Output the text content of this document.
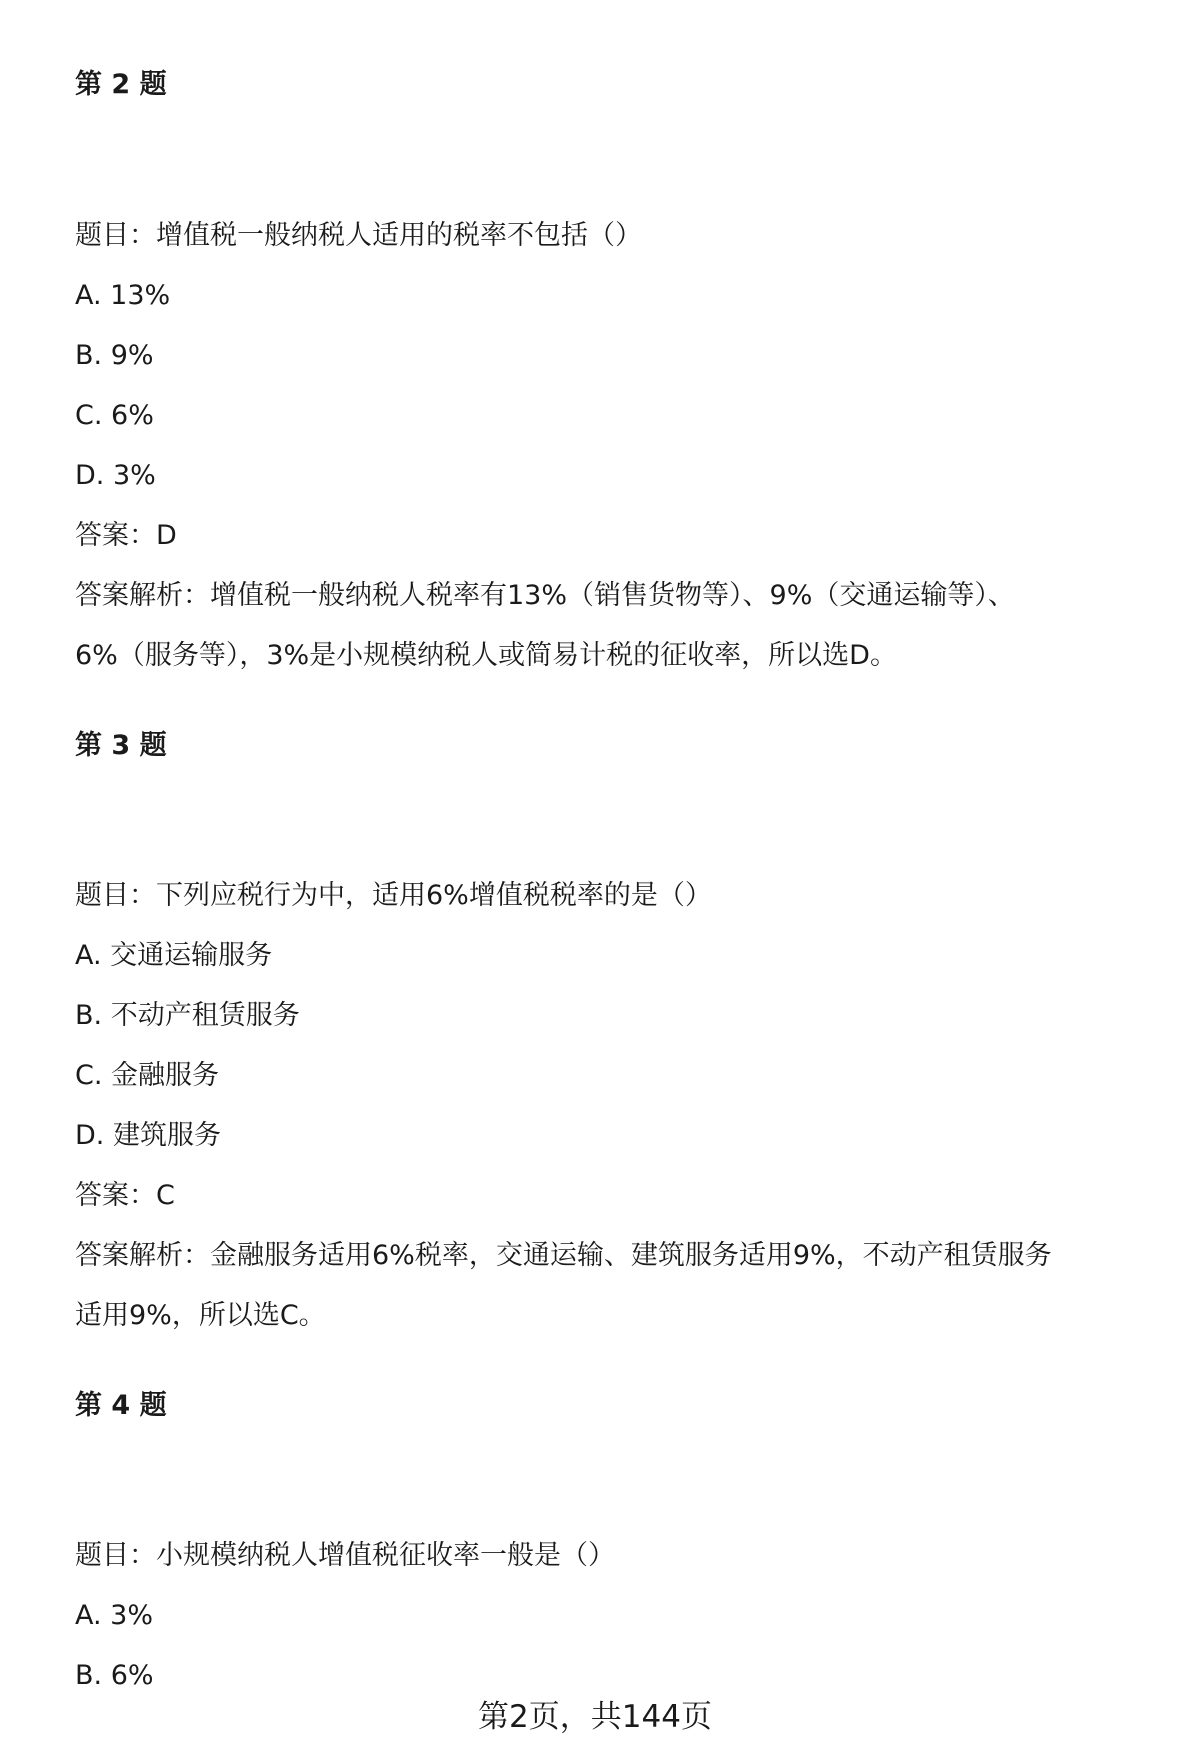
第 2 题
题目：增值税一般纳税人适用的税率不包括（）
A. 13%
B. 9%
C. 6%
D. 3%
答案：D
答案解析：增值税一般纳税人税率有13%（销售货物等）、9%（交通运输等）、
6%（服务等），3%是小规模纳税人或简易计税的征收率，所以选D。
第 3 题
题目：下列应税行为中，适用6%增值税税率的是（）
A. 交通运输服务
B. 不动产租赁服务
C. 金融服务
D. 建筑服务
答案：C
答案解析：金融服务适用6%税率，交通运输、建筑服务适用9%，不动产租赁服务
适用9%，所以选C。
第 4 题
题目：小规模纳税人增值税征收率一般是（）
A. 3%
B. 6%
第2页，共144页
